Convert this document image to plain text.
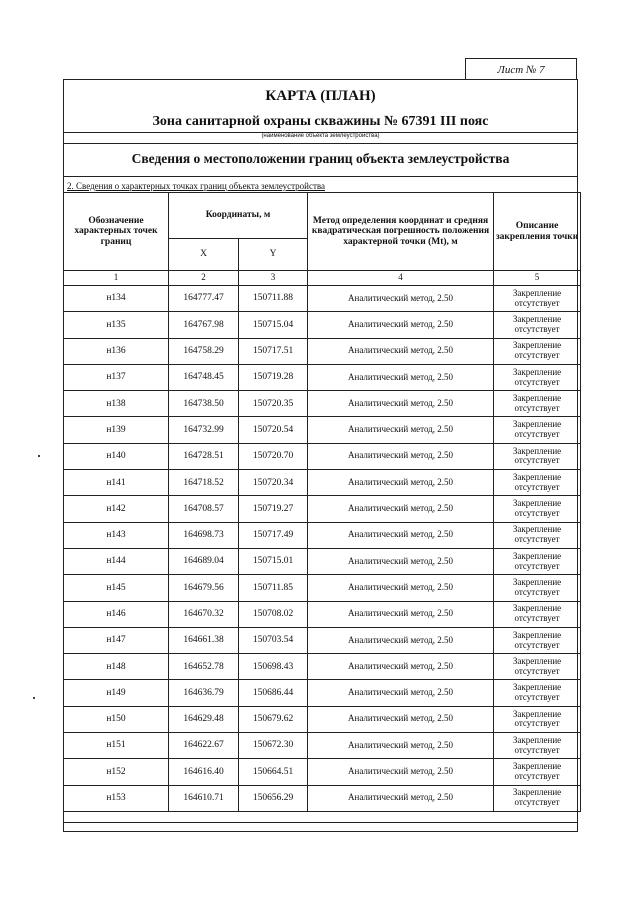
Лист № 7
КАРТА (ПЛАН)
Зона санитарной охраны скважины № 67391 III пояс
(наименование объекта землеустройства)
Сведения о местоположении границ объекта землеустройства
2. Сведения о характерных точках границ объекта землеустройства
Обозначение характерных точек границ	Координаты, м		Метод определения координат и средняя квадратическая погрешность положения характерной точки (Mt), м	Описание закрепления точки
	X	Y		
1	2	3	4	5
н134	164777.47	150711.88	Аналитический метод, 2.50	Закрепление отсутствует
н135	164767.98	150715.04	Аналитический метод, 2.50	Закрепление отсутствует
н136	164758.29	150717.51	Аналитический метод, 2.50	Закрепление отсутствует
н137	164748.45	150719.28	Аналитический метод, 2.50	Закрепление отсутствует
н138	164738.50	150720.35	Аналитический метод, 2.50	Закрепление отсутствует
н139	164732.99	150720.54	Аналитический метод, 2.50	Закрепление отсутствует
н140	164728.51	150720.70	Аналитический метод, 2.50	Закрепление отсутствует
н141	164718.52	150720.34	Аналитический метод, 2.50	Закрепление отсутствует
н142	164708.57	150719.27	Аналитический метод, 2.50	Закрепление отсутствует
н143	164698.73	150717.49	Аналитический метод, 2.50	Закрепление отсутствует
н144	164689.04	150715.01	Аналитический метод, 2.50	Закрепление отсутствует
н145	164679.56	150711.85	Аналитический метод, 2.50	Закрепление отсутствует
н146	164670.32	150708.02	Аналитический метод, 2.50	Закрепление отсутствует
н147	164661.38	150703.54	Аналитический метод, 2.50	Закрепление отсутствует
н148	164652.78	150698.43	Аналитический метод, 2.50	Закрепление отсутствует
н149	164636.79	150686.44	Аналитический метод, 2.50	Закрепление отсутствует
н150	164629.48	150679.62	Аналитический метод, 2.50	Закрепление отсутствует
н151	164622.67	150672.30	Аналитический метод, 2.50	Закрепление отсутствует
н152	164616.40	150664.51	Аналитический метод, 2.50	Закрепление отсутствует
н153	164610.71	150656.29	Аналитический метод, 2.50	Закрепление отсутствует
